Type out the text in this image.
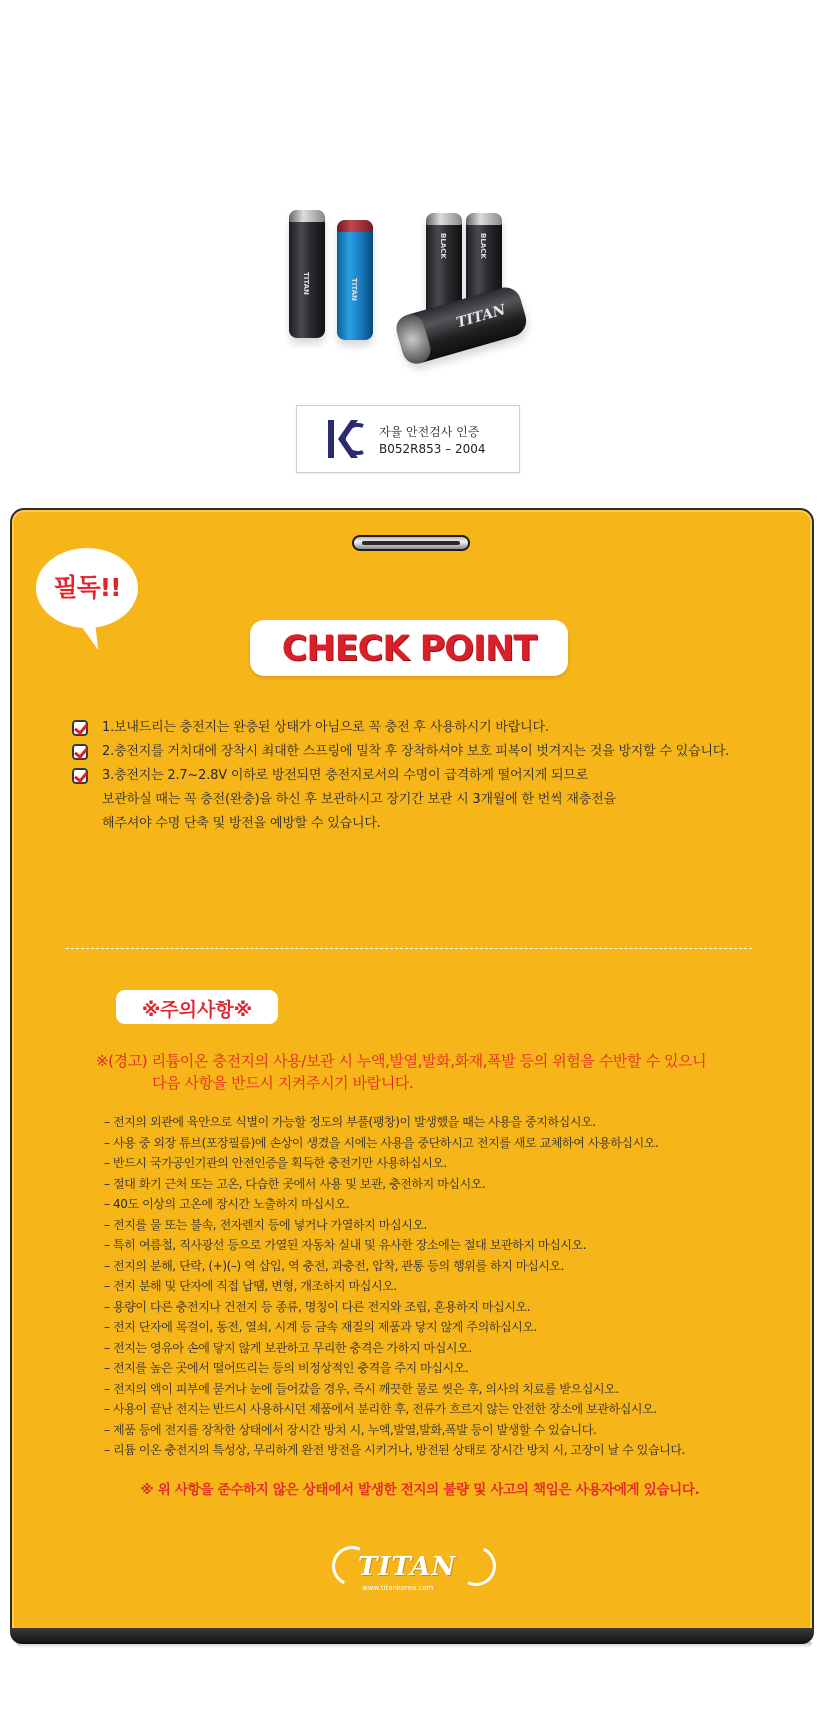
TITAN	TITAN
BLACK	BLACK
TITAN
자율 안전검사 인증
B052R853 – 2004
필독!!
CHECK POINT
1.보내드리는 충전지는 완충된 상태가 아님으로 꼭 충전 후 사용하시기 바랍니다.
2.충전지를 거치대에 장착시 최대한 스프링에 밀착 후 장착하셔야 보호 피복이 벗겨지는 것을 방지할 수 있습니다.
3.충전지는 2.7~2.8V 이하로 방전되면 충전지로서의 수명이 급격하게 떨어지게 되므로
보관하실 때는 꼭 충전(완충)을 하신 후 보관하시고 장기간 보관 시 3개월에 한 번씩 재충전을
해주셔야 수명 단축 및 방전을 예방할 수 있습니다.
※주의사항※
※(경고) 리튬이온 충전지의 사용/보관 시 누액,발열,발화,화재,폭발 등의 위험을 수반할 수 있으니
다음 사항을 반드시 지켜주시기 바랍니다.
– 전지의 외관에 육안으로 식별이 가능할 정도의 부풀(팽창)이 발생했을 때는 사용을 중지하십시오.
– 사용 중 외장 튜브(포장필름)에 손상이 생겼을 시에는 사용을 중단하시고 전지를 새로 교체하여 사용하십시오.
– 반드시 국가공인기관의 안전인증을 획득한 충전기만 사용하십시오.
– 절대 화기 근처 또는 고온, 다습한 곳에서 사용 및 보관, 충전하지 마십시오.
– 40도 이상의 고온에 장시간 노출하지 마십시오.
– 전지를 물 또는 불속, 전자렌지 등에 넣거나 가열하지 마십시오.
– 특히 여름철, 직사광선 등으로 가열된 자동차 실내 및 유사한 장소에는 절대 보관하지 마십시오.
– 전지의 분해, 단락, (+)(–) 역 삽입, 역 충전, 과충전, 압착, 관통 등의 행위를 하지 마십시오.
– 전지 분해 및 단자에 직접 납땜, 변형, 개조하지 마십시오.
– 용량이 다른 충전지나 건전지 등 종류, 명칭이 다른 전지와 조립, 혼용하지 마십시오.
– 전지 단자에 목걸이, 동전, 열쇠, 시계 등 금속 재질의 제품과 닿지 않게 주의하십시오.
– 전지는 영유아 손에 닿지 않게 보관하고 무리한 충격은 가하지 마십시오.
– 전지를 높은 곳에서 떨어뜨리는 등의 비정상적인 충격을 주지 마십시오.
– 전지의 액이 피부에 묻거나 눈에 들어갔을 경우, 즉시 깨끗한 물로 씻은 후, 의사의 치료를 받으십시오.
– 사용이 끝난 전지는 반드시 사용하시던 제품에서 분리한 후, 전류가 흐르지 않는 안전한 장소에 보관하십시오.
– 제품 등에 전지를 장착한 상태에서 장시간 방치 시, 누액,발열,발화,폭발 등이 발생할 수 있습니다.
– 리튬 이온 충전지의 특성상, 무리하게 완전 방전을 시키거나, 방전된 상태로 장시간 방치 시, 고장이 날 수 있습니다.
※ 위 사항을 준수하지 않은 상태에서 발생한 전지의 불량 및 사고의 책임은 사용자에게 있습니다.
TITAN
www.titankorea.com
